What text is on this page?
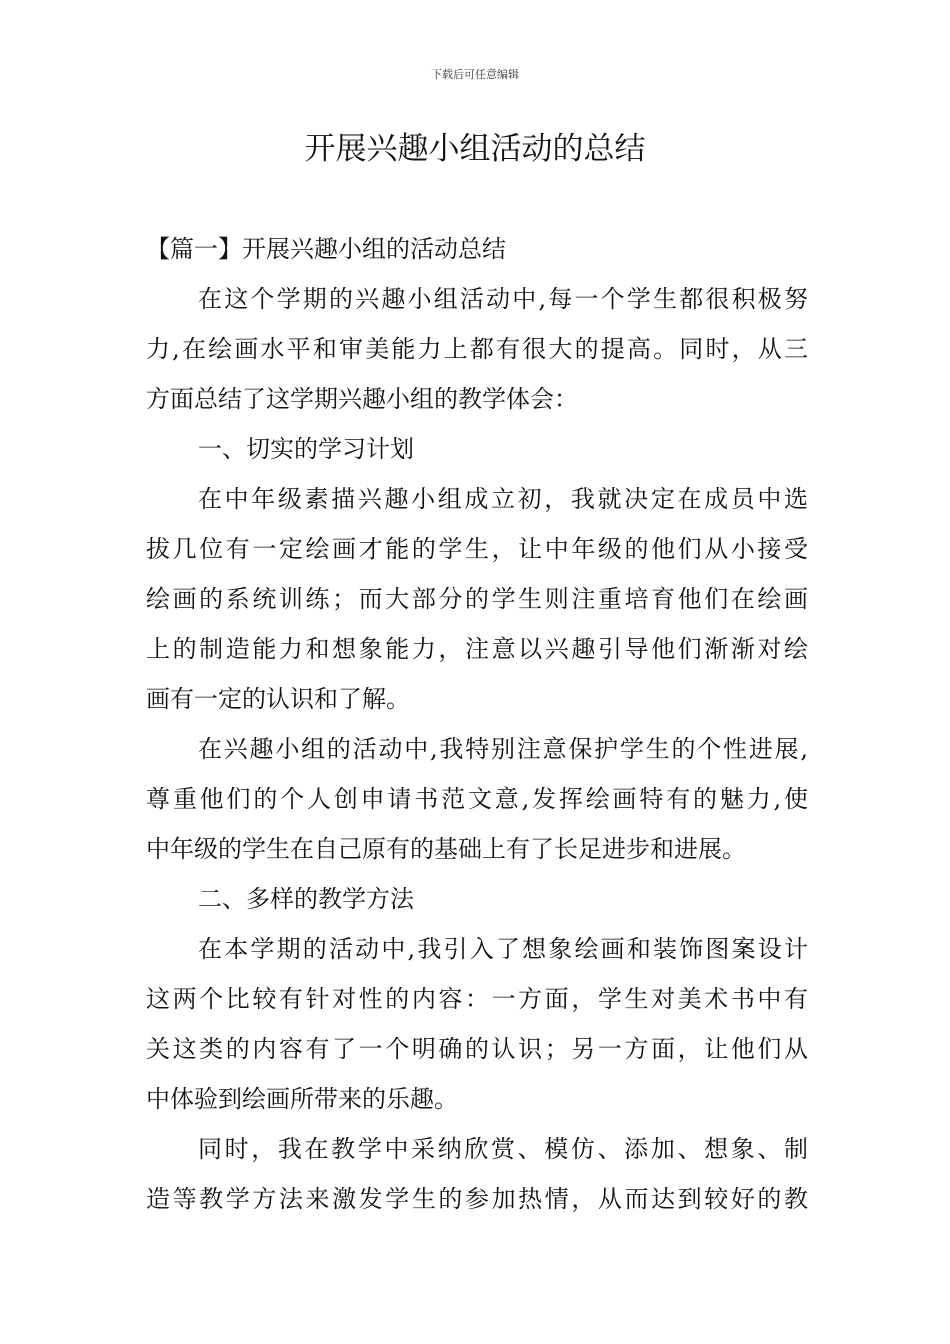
下载后可任意编辑
开展兴趣小组活动的总结
【篇一】开展兴趣小组的活动总结
在这个学期的兴趣小组活动中,每一个学生都很积极努
力,在绘画水平和审美能力上都有很大的提高。同时，从三
方面总结了这学期兴趣小组的教学体会：
一、切实的学习计划
在中年级素描兴趣小组成立初，我就决定在成员中选
拔几位有一定绘画才能的学生，让中年级的他们从小接受
绘画的系统训练；而大部分的学生则注重培育他们在绘画
上的制造能力和想象能力，注意以兴趣引导他们渐渐对绘
画有一定的认识和了解。
在兴趣小组的活动中,我特别注意保护学生的个性进展,
尊重他们的个人创申请书范文意,发挥绘画特有的魅力,使
中年级的学生在自己原有的基础上有了长足进步和进展。
二、多样的教学方法
在本学期的活动中,我引入了想象绘画和装饰图案设计
这两个比较有针对性的内容：一方面，学生对美术书中有
关这类的内容有了一个明确的认识；另一方面，让他们从
中体验到绘画所带来的乐趣。
同时，我在教学中采纳欣赏、模仿、添加、想象、制
造等教学方法来激发学生的参加热情，从而达到较好的教
